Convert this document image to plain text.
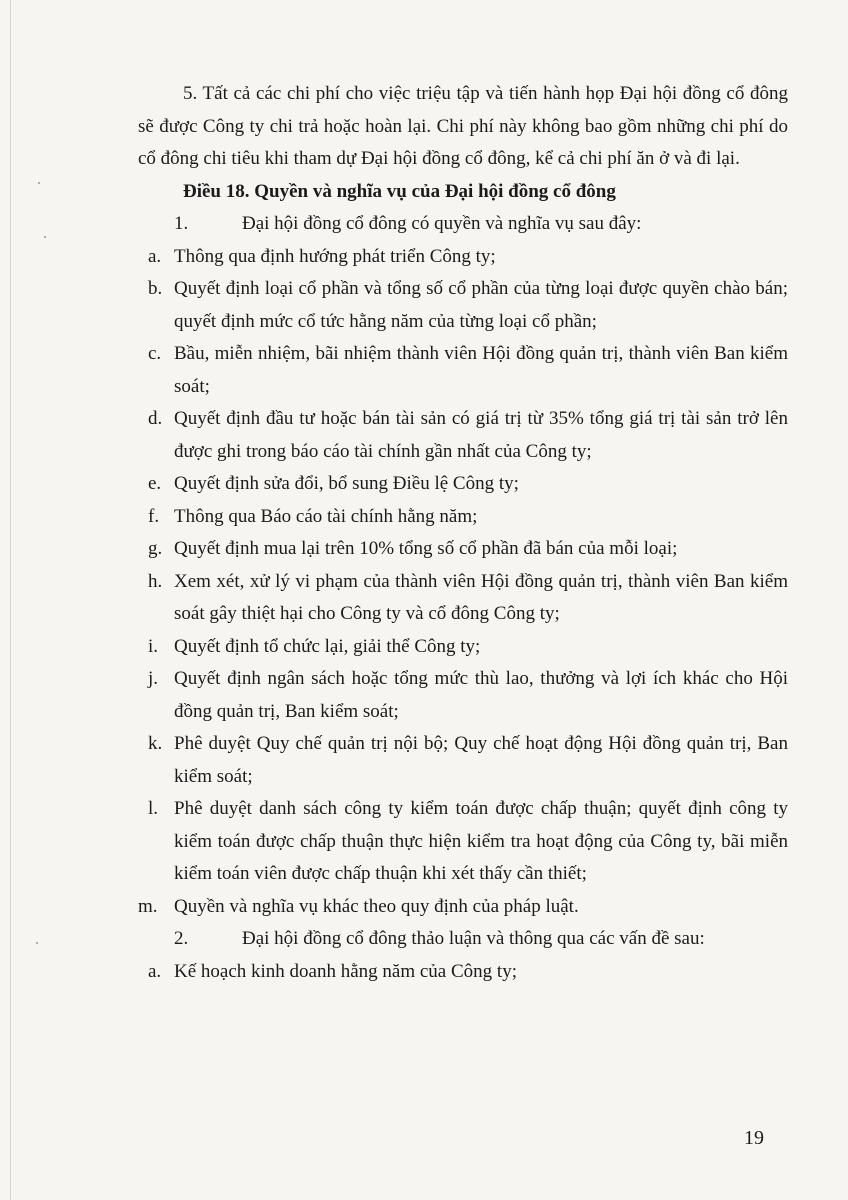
5. Tất cả các chi phí cho việc triệu tập và tiến hành họp Đại hội đồng cổ đông sẽ được Công ty chi trả hoặc hoàn lại. Chi phí này không bao gồm những chi phí do cổ đông chi tiêu khi tham dự Đại hội đồng cổ đông, kể cả chi phí ăn ở và đi lại.

Điều 18. Quyền và nghĩa vụ của Đại hội đồng cổ đông

1.	Đại hội đồng cổ đông có quyền và nghĩa vụ sau đây:
a. Thông qua định hướng phát triển Công ty;
b. Quyết định loại cổ phần và tổng số cổ phần của từng loại được quyền chào bán; quyết định mức cổ tức hằng năm của từng loại cổ phần;
c. Bầu, miễn nhiệm, bãi nhiệm thành viên Hội đồng quản trị, thành viên Ban kiểm soát;
d. Quyết định đầu tư hoặc bán tài sản có giá trị từ 35% tổng giá trị tài sản trở lên được ghi trong báo cáo tài chính gần nhất của Công ty;
e. Quyết định sửa đổi, bổ sung Điều lệ Công ty;
f. Thông qua Báo cáo tài chính hằng năm;
g. Quyết định mua lại trên 10% tổng số cổ phần đã bán của mỗi loại;
h. Xem xét, xử lý vi phạm của thành viên Hội đồng quản trị, thành viên Ban kiểm soát gây thiệt hại cho Công ty và cổ đông Công ty;
i. Quyết định tổ chức lại, giải thể Công ty;
j. Quyết định ngân sách hoặc tổng mức thù lao, thưởng và lợi ích khác cho Hội đồng quản trị, Ban kiểm soát;
k. Phê duyệt Quy chế quản trị nội bộ; Quy chế hoạt động Hội đồng quản trị, Ban kiểm soát;
l. Phê duyệt danh sách công ty kiểm toán được chấp thuận; quyết định công ty kiểm toán được chấp thuận thực hiện kiểm tra hoạt động của Công ty, bãi miễn kiểm toán viên được chấp thuận khi xét thấy cần thiết;
m. Quyền và nghĩa vụ khác theo quy định của pháp luật.
2.	Đại hội đồng cổ đông thảo luận và thông qua các vấn đề sau:
a. Kế hoạch kinh doanh hằng năm của Công ty;
19
